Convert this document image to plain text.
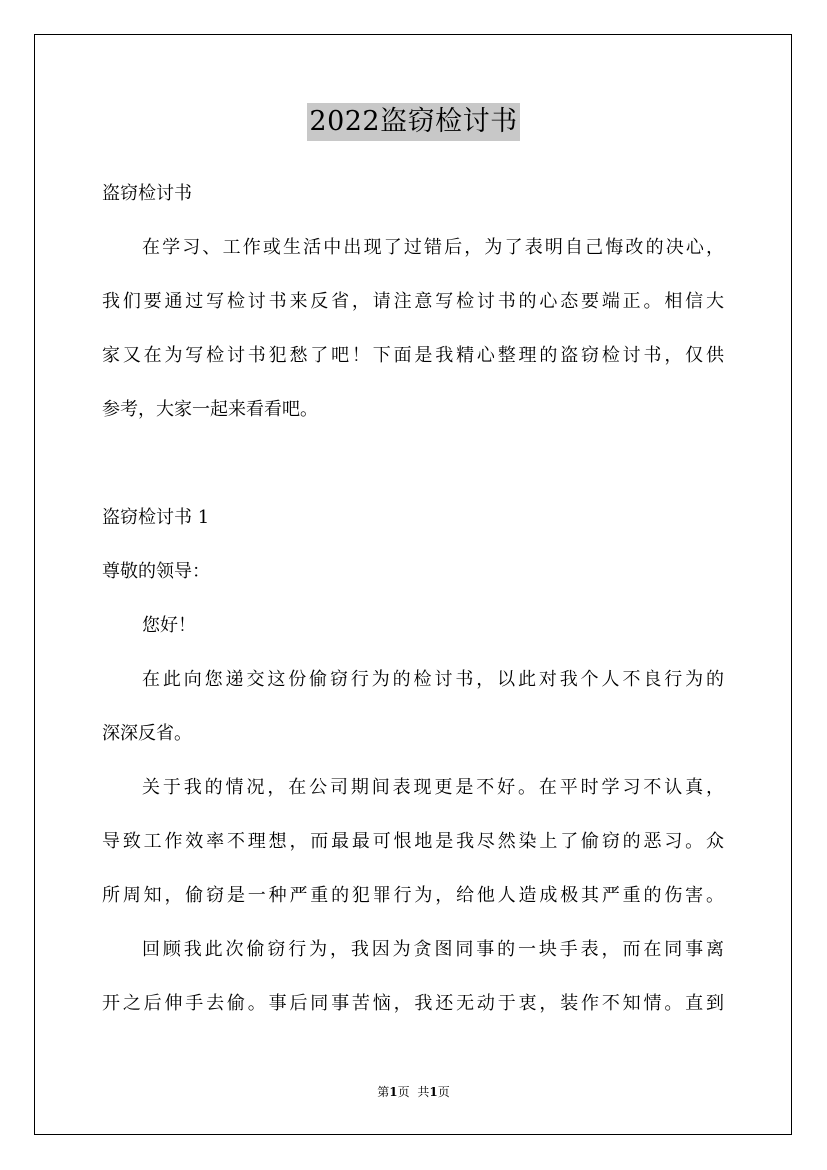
2022盗窃检讨书
盗窃检讨书
在学习、工作或生活中出现了过错后，为了表明自己悔改的决心，
我们要通过写检讨书来反省，请注意写检讨书的心态要端正。相信大
家又在为写检讨书犯愁了吧！下面是我精心整理的盗窃检讨书，仅供
参考，大家一起来看看吧。
盗窃检讨书 1
尊敬的领导：
您好！
在此向您递交这份偷窃行为的检讨书，以此对我个人不良行为的
深深反省。
关于我的情况，在公司期间表现更是不好。在平时学习不认真，
导致工作效率不理想，而最最可恨地是我尽然染上了偷窃的恶习。众
所周知，偷窃是一种严重的犯罪行为，给他人造成极其严重的伤害。
回顾我此次偷窃行为，我因为贪图同事的一块手表，而在同事离
开之后伸手去偷。事后同事苦恼，我还无动于衷，装作不知情。直到
第1页 共1页
